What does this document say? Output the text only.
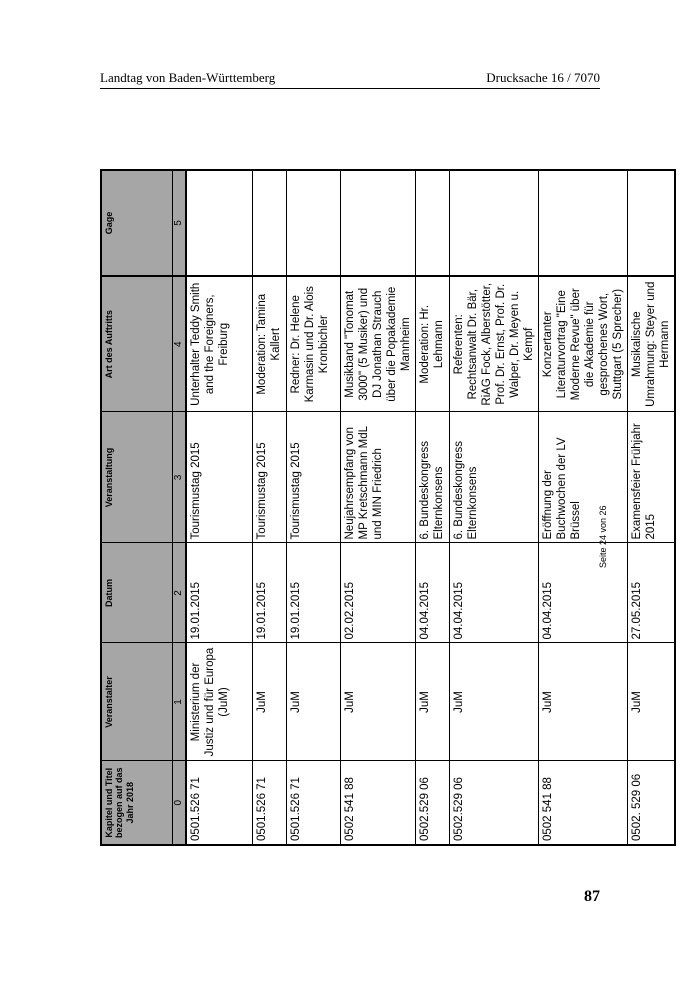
Landtag von Baden-Württemberg	Drucksache 16 / 7070
Kapitel und Titel bezogen auf das Jahr 2018	Veranstalter	Datum	Veranstaltung	Art des Auftritts	Gage
0	1	2	3	4	5
0501.526 71	Ministerium der Justiz und für Europa (JuM)	19.01.2015	Tourismustag 2015	Unterhalter Teddy Smith and the Foreigners, Freiburg	
0501.526 71	JuM	19.01.2015	Tourismustag 2015	Moderation: Tamina Kallert	
0501.526 71	JuM	19.01.2015	Tourismustag 2015	Redner: Dr. Helene Karmasin und Dr. Alois Kronbichler	
0502 541 88	JuM	02.02.2015	Neujahrsempfang von MP Kretschmann MdL und MIN Friedrich	Musikband "Tonomat 3000" (5 Musiker) und DJ Jonathan Strauch über die Popakademie Mannheim	
0502.529 06	JuM	04.04.2015	6. Bundeskongress Elternkonsens	Moderation: Hr. Lehmann	
0502.529 06	JuM	04.04.2015	6. Bundeskongress Elternkonsens	Referenten: Rechtsanwalt Dr. Bär, RiAG Fock, Alberstötter, Prof. Dr. Ernst, Prof. Dr. Walper, Dr. Meyen u. Kempf	
0502 541 88	JuM	04.04.2015	Eröffnung der Buchwochen der LV Brüssel	Konzertanter Literaturvortrag "Eine Moderne Revue" über die Akademie für gesprochenes Wort, Stuttgart (5 Sprecher)	
0502. 529 06	JuM	27.05.2015	Examensfeier Frühjahr 2015	Musikalische Umrahmung: Steyer und Hermann	
Seite 24 von 26
87
